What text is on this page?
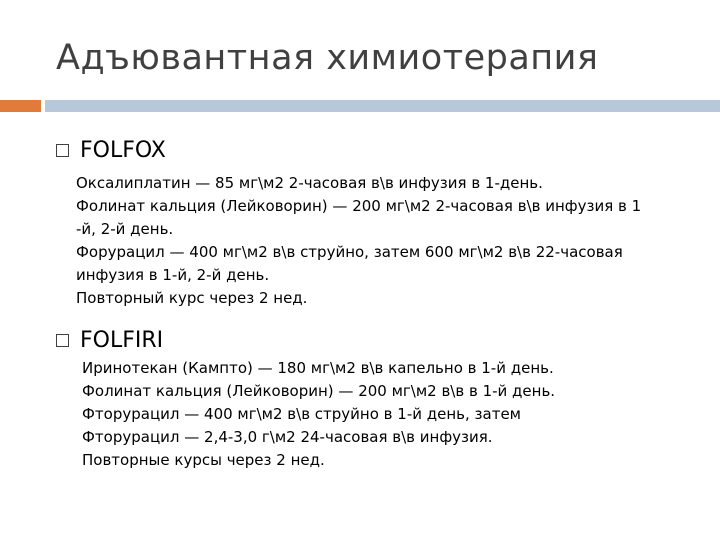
Адъювантная химиотерапия
FOLFOX
Оксалиплатин — 85 мг\м2 2-часовая в\в инфузия в 1-день.
Фолинат кальция (Лейковорин) — 200 мг\м2 2-часовая в\в инфузия в 1
-й, 2-й день.
Форурацил — 400 мг\м2 в\в струйно, затем 600 мг\м2 в\в 22-часовая
инфузия в 1-й, 2-й день.
Повторный курс через 2 нед.
FOLFIRI
Иринотекан (Кампто) — 180 мг\м2 в\в капельно в 1-й день.
Фолинат кальция (Лейковорин) — 200 мг\м2 в\в в 1-й день.
Фторурацил — 400 мг\м2 в\в струйно в 1-й день, затем
Фторурацил — 2,4-3,0 г\м2 24-часовая в\в инфузия.
Повторные курсы через 2 нед.
